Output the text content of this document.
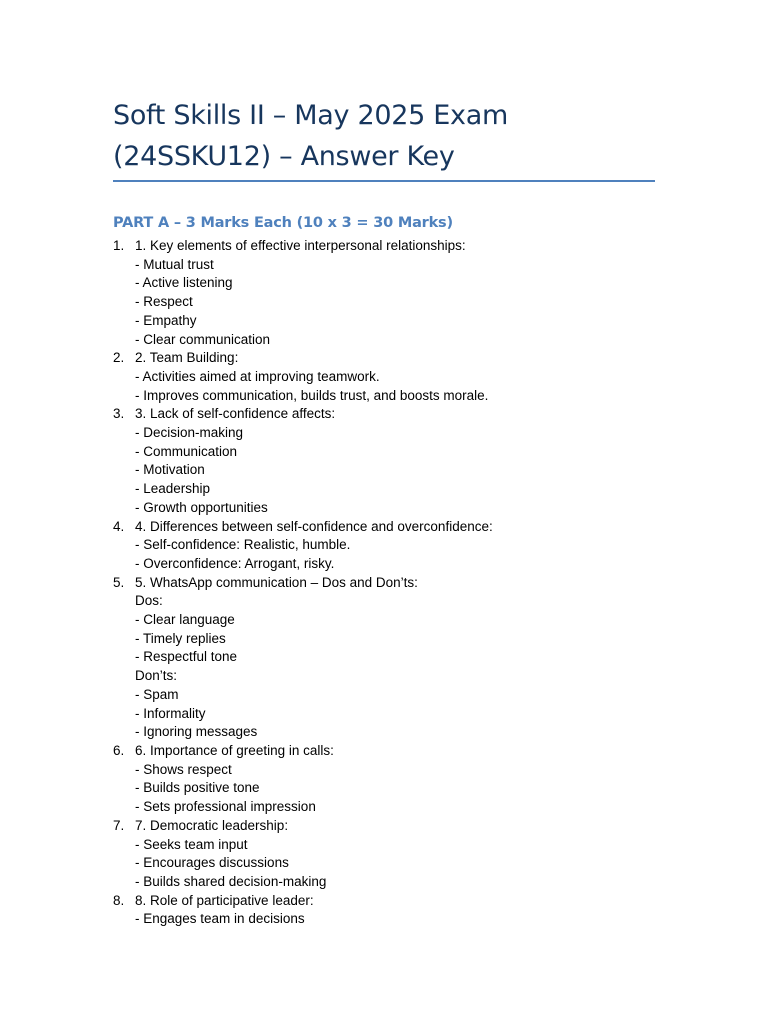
Soft Skills II – May 2025 Exam
(24SSKU12) – Answer Key
PART A – 3 Marks Each (10 x 3 = 30 Marks)
1. 1. Key elements of effective interpersonal relationships:
- Mutual trust
- Active listening
- Respect
- Empathy
- Clear communication
2. 2. Team Building:
- Activities aimed at improving teamwork.
- Improves communication, builds trust, and boosts morale.
3. 3. Lack of self-confidence affects:
- Decision-making
- Communication
- Motivation
- Leadership
- Growth opportunities
4. 4. Differences between self-confidence and overconfidence:
- Self-confidence: Realistic, humble.
- Overconfidence: Arrogant, risky.
5. 5. WhatsApp communication – Dos and Don’ts:
Dos:
- Clear language
- Timely replies
- Respectful tone
Don’ts:
- Spam
- Informality
- Ignoring messages
6. 6. Importance of greeting in calls:
- Shows respect
- Builds positive tone
- Sets professional impression
7. 7. Democratic leadership:
- Seeks team input
- Encourages discussions
- Builds shared decision-making
8. 8. Role of participative leader:
- Engages team in decisions
